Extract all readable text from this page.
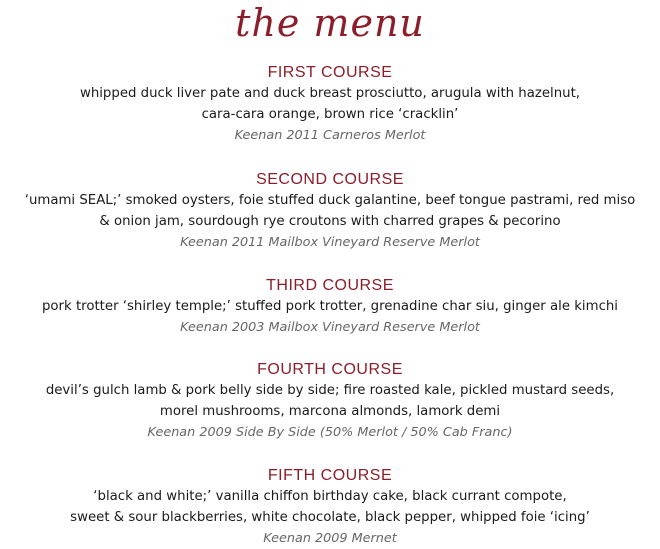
the menu
FIRST COURSE
whipped duck liver pate and duck breast prosciutto, arugula with hazelnut,
cara-cara orange, brown rice ‘cracklin’
Keenan 2011 Carneros Merlot
SECOND COURSE
‘umami SEAL;’ smoked oysters, foie stuffed duck galantine, beef tongue pastrami, red miso
& onion jam, sourdough rye croutons with charred grapes & pecorino
Keenan 2011 Mailbox Vineyard Reserve Merlot
THIRD COURSE
pork trotter ‘shirley temple;’ stuffed pork trotter, grenadine char siu, ginger ale kimchi
Keenan 2003 Mailbox Vineyard Reserve Merlot
FOURTH COURSE
devil’s gulch lamb & pork belly side by side; fire roasted kale, pickled mustard seeds,
morel mushrooms, marcona almonds, lamork demi
Keenan 2009 Side By Side (50% Merlot / 50% Cab Franc)
FIFTH COURSE
‘black and white;’ vanilla chiffon birthday cake, black currant compote,
sweet & sour blackberries, white chocolate, black pepper, whipped foie ‘icing’
Keenan 2009 Mernet
